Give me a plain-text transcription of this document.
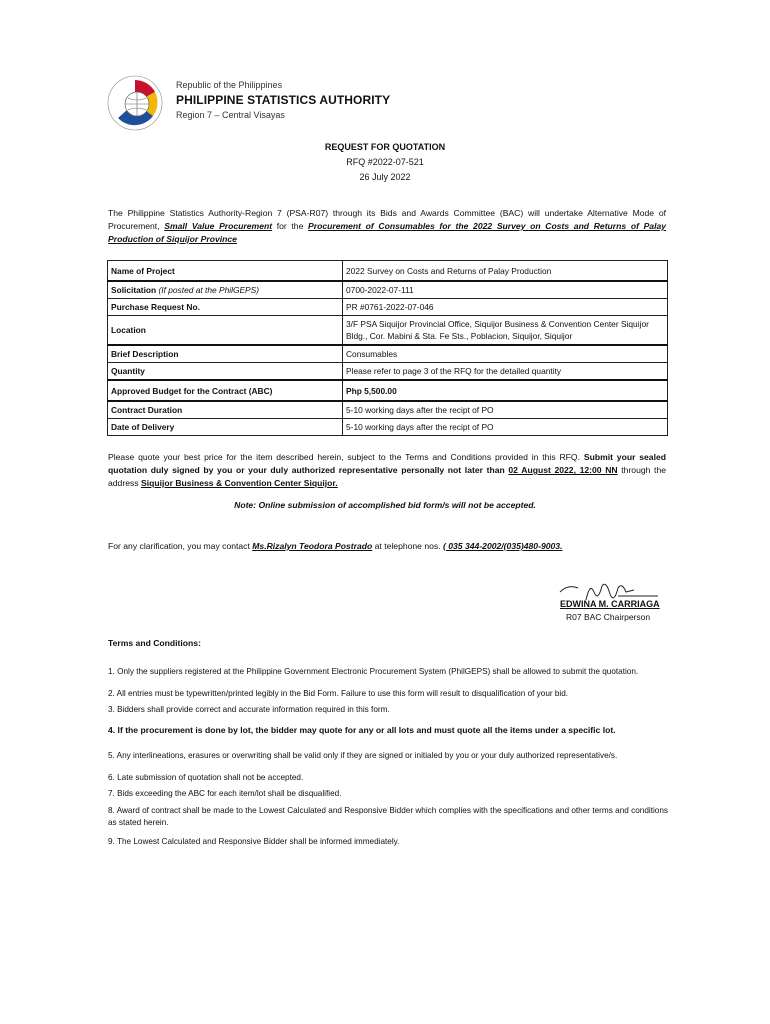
Republic of the Philippines
PHILIPPINE STATISTICS AUTHORITY
Region 7 – Central Visayas
REQUEST FOR QUOTATION
RFQ #2022-07-521
26 July 2022
The Philippine Statistics Authority-Region 7 (PSA-R07) through its Bids and Awards Committee (BAC) will undertake Alternative Mode of Procurement, Small Value Procurement for the Procurement of Consumables for the 2022 Survey on Costs and Returns of Palay Production of Siquijor Province
Name of Project	2022 Survey on Costs and Returns of Palay Production
Solicitation (If posted at the PhilGEPS)	0700-2022-07-111
Purchase Request No.	PR #0761-2022-07-046
Location	3/F PSA Siquijor Provincial Office, Siquijor Business & Convention Center Siquijor Bldg., Cor. Mabini & Sta. Fe Sts., Poblacion, Siquijor, Siquijor
Brief Description	Consumables
Quantity	Please refer to page 3 of the RFQ for the detailed quantity
Approved Budget for the Contract (ABC)	Php 5,500.00
Contract Duration	5-10 working days after the recipt of PO
Date of Delivery	5-10 working days after the recipt of PO
Please quote your best price for the item described herein, subject to the Terms and Conditions provided in this RFQ. Submit your sealed quotation duly signed by you or your duly authorized representative personally not later than 02 August 2022, 12:00 NN through the address Siquijor Business & Convention Center Siquijor.
Note: Online submission of accomplished bid form/s will not be accepted.
For any clarification, you may contact Ms.Rizalyn Teodora Postrado at telephone nos. ( 035 344-2002/(035)480-9003.
EDWINA M. CARRIAGA
R07 BAC Chairperson
Terms and Conditions:
1. Only the suppliers registered at the Philippine Government Electronic Procurement System (PhilGEPS) shall be allowed to submit the quotation.
2. All entries must be typewritten/printed legibly in the Bid Form. Failure to use this form will result to disqualification of your bid.
3. Bidders shall provide correct and accurate information required in this form.
4. If the procurement is done by lot, the bidder may quote for any or all lots and must quote all the items under a specific lot.
5. Any interlineations, erasures or overwriting shall be valid only if they are signed or initialed by you or your duly authorized representative/s.
6. Late submission of quotation shall not be accepted.
7. Bids exceeding the ABC for each item/lot shall be disqualified.
8. Award of contract shall be made to the Lowest Calculated and Responsive Bidder which complies with the specifications and other terms and conditions as stated herein.
9. The Lowest Calculated and Responsive Bidder shall be informed immediately.
